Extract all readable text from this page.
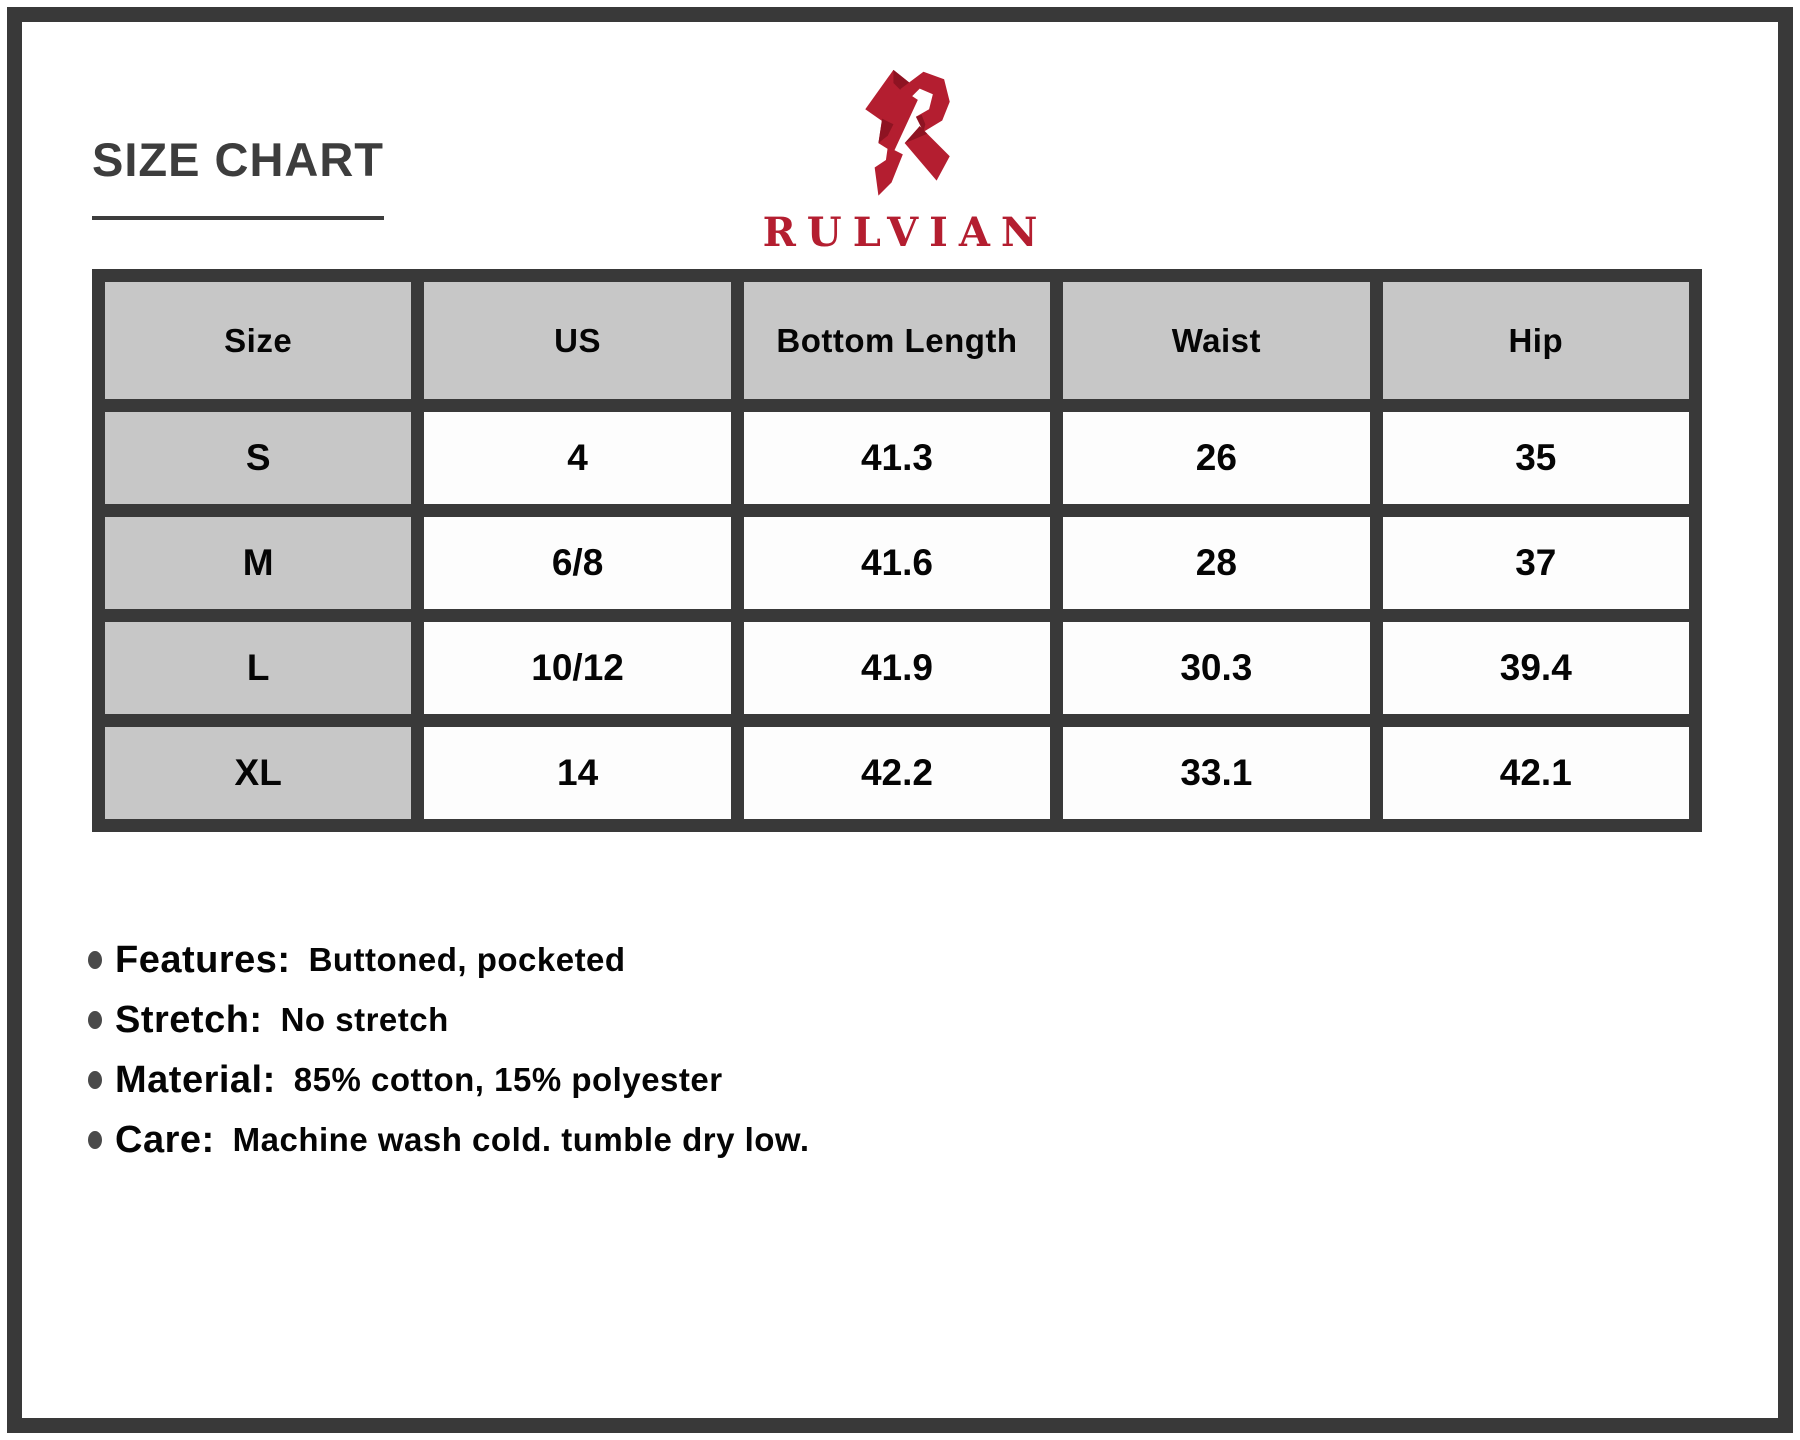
SIZE CHART
RULVIAN
Size	US	Bottom Length	Waist	Hip
S	4	41.3	26	35
M	6/8	41.6	28	37
L	10/12	41.9	30.3	39.4
XL	14	42.2	33.1	42.1
Features: Buttoned, pocketed
Stretch: No stretch
Material: 85% cotton, 15% polyester
Care: Machine wash cold. tumble dry low.
